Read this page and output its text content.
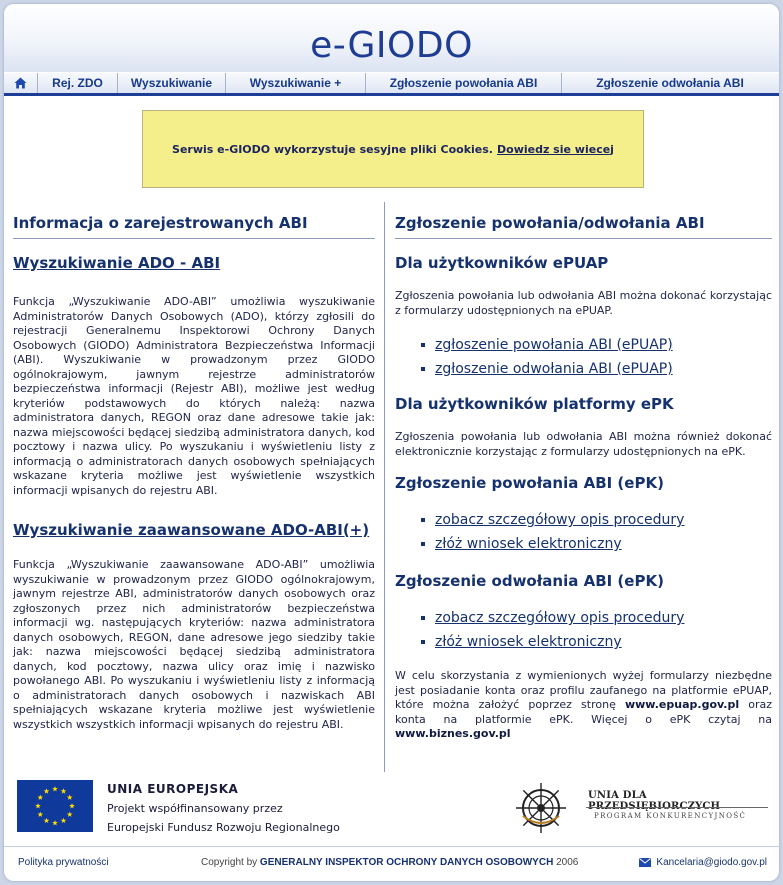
e-GIODO
Rej. ZDO	Wyszukiwanie	Wyszukiwanie +	Zgłoszenie powołania ABI	Zgłoszenie odwołania ABI
Serwis e-GIODO wykorzystuje sesyjne pliki Cookies. Dowiedz sie wiecej
Informacja o zarejestrowanych ABI
Wyszukiwanie ADO - ABI

Funkcja „Wyszukiwanie ADO-ABI” umożliwia wyszukiwanie Administratorów Danych Osobowych (ADO), którzy zgłosili do rejestracji Generalnemu Inspektorowi Ochrony Danych Osobowych (GIODO) Administratora Bezpieczeństwa Informacji (ABI). Wyszukiwanie w prowadzonym przez GIODO ogólnokrajowym, jawnym rejestrze administratorów bezpieczeństwa informacji (Rejestr ABI), możliwe jest według kryteriów podstawowych do których należą: nazwa administratora danych, REGON oraz dane adresowe takie jak: nazwa miejscowości będącej siedzibą administratora danych, kod pocztowy i nazwa ulicy. Po wyszukaniu i wyświetleniu listy z informacją o administratorach danych osobowych spełniających wskazane kryteria możliwe jest wyświetlenie wszystkich informacji wpisanych do rejestru ABI.

Wyszukiwanie zaawansowane ADO-ABI(+)

Funkcja „Wyszukiwanie zaawansowane ADO-ABI” umożliwia wyszukiwanie w prowadzonym przez GIODO ogólnokrajowym, jawnym rejestrze ABI, administratorów danych osobowych oraz zgłoszonych przez nich administratorów bezpieczeństwa informacji wg. następujących kryteriów: nazwa administratora danych osobowych, REGON, dane adresowe jego siedziby takie jak: nazwa miejscowości będącej siedzibą administratora danych, kod pocztowy, nazwa ulicy oraz imię i nazwisko powołanego ABI. Po wyszukaniu i wyświetleniu listy z informacją o administratorach danych osobowych i nazwiskach ABI spełniających wskazane kryteria możliwe jest wyświetlenie wszystkich wszystkich informacji wpisanych do rejestru ABI.

Zgłoszenie powołania/odwołania ABI
Dla użytkowników ePUAP

Zgłoszenia powołania lub odwołania ABI można dokonać korzystając z formularzy udostępnionych na ePUAP.

zgłoszenie powołania ABI (ePUAP)
zgłoszenie odwołania ABI (ePUAP)
Dla użytkowników platformy ePK

Zgłoszenia powołania lub odwołania ABI można również dokonać elektronicznie korzystając z formularzy udostępnionych na ePK.

Zgłoszenie powołania ABI (ePK)
zobacz szczegółowy opis procedury
złóż wniosek elektroniczny
Zgłoszenie odwołania ABI (ePK)
zobacz szczegółowy opis procedury
złóż wniosek elektroniczny

W celu skorzystania z wymienionych wyżej formularzy niezbędne jest posiadanie konta oraz profilu zaufanego na platformie ePUAP, które można założyć poprzez stronę www.epuap.gov.pl oraz konta na platformie ePK. Więcej o ePK czytaj na www.biznes.gov.pl

UNIA EUROPEJSKA
Projekt współfinansowany przez
Europejski Fundusz Rozwoju Regionalnego
UNIA DLA
PROGRAM KONKURENCYJNOŚĆ
Polityka prywatności	Copyright by GENERALNY INSPEKTOR OCHRONY DANYCH OSOBOWYCH 2006	Kancelaria@giodo.gov.pl
